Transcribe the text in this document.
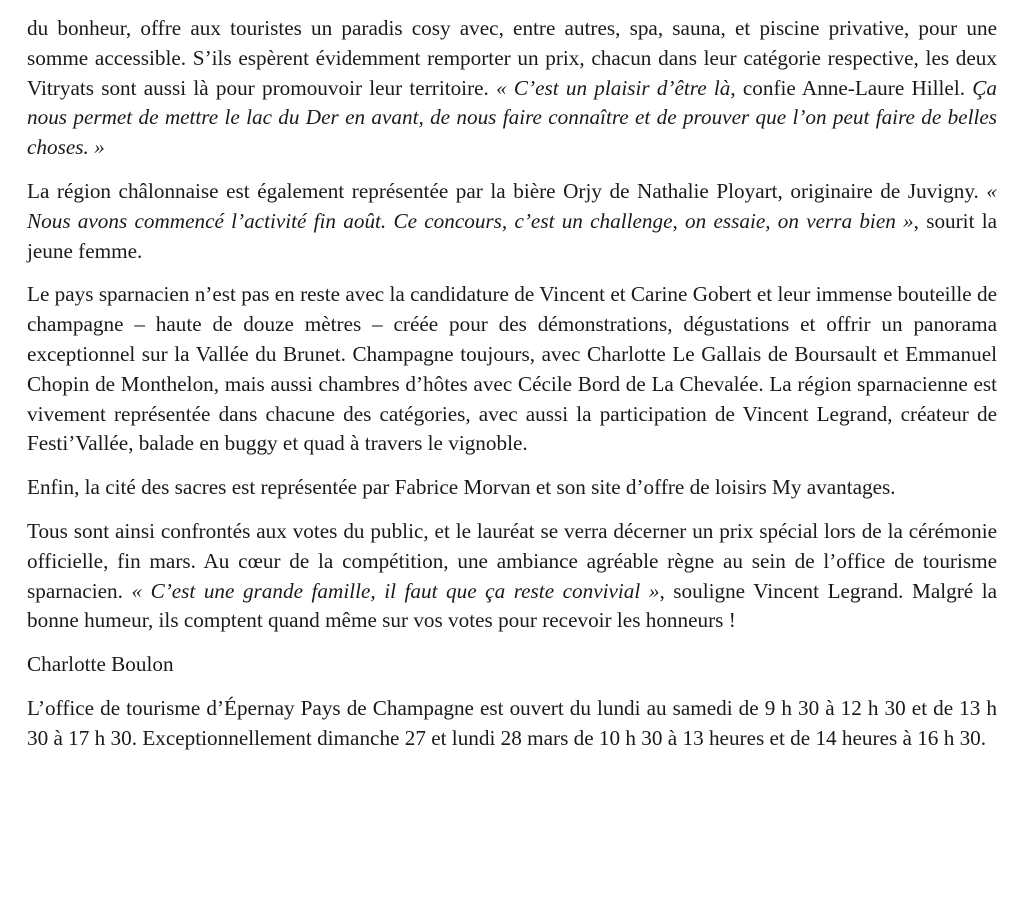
du bonheur, offre aux touristes un paradis cosy avec, entre autres, spa, sauna, et piscine privative, pour une somme accessible. S’ils espèrent évidemment remporter un prix, chacun dans leur catégorie respective, les deux Vitryats sont aussi là pour promouvoir leur territoire. « C’est un plaisir d’être là, confie Anne-Laure Hillel. Ça nous permet de mettre le lac du Der en avant, de nous faire connaître et de prouver que l’on peut faire de belles choses. »

La région châlonnaise est également représentée par la bière Orjy de Nathalie Ployart, originaire de Juvigny. « Nous avons commencé l’activité fin août. Ce concours, c’est un challenge, on essaie, on verra bien », sourit la jeune femme.

Le pays sparnacien n’est pas en reste avec la candidature de Vincent et Carine Gobert et leur immense bouteille de champagne – haute de douze mètres – créée pour des démonstrations, dégustations et offrir un panorama exceptionnel sur la Vallée du Brunet. Champagne toujours, avec Charlotte Le Gallais de Boursault et Emmanuel Chopin de Monthelon, mais aussi chambres d’hôtes avec Cécile Bord de La Chevalée. La région sparnacienne est vivement représentée dans chacune des catégories, avec aussi la participation de Vincent Legrand, créateur de Festi’Vallée, balade en buggy et quad à travers le vignoble.

Enfin, la cité des sacres est représentée par Fabrice Morvan et son site d’offre de loisirs My avantages.

Tous sont ainsi confrontés aux votes du public, et le lauréat se verra décerner un prix spécial lors de la cérémonie officielle, fin mars. Au cœur de la compétition, une ambiance agréable règne au sein de l’office de tourisme sparnacien. « C’est une grande famille, il faut que ça reste convivial », souligne Vincent Legrand. Malgré la bonne humeur, ils comptent quand même sur vos votes pour recevoir les honneurs !

Charlotte Boulon

L’office de tourisme d’Épernay Pays de Champagne est ouvert du lundi au samedi de 9 h 30 à 12 h 30 et de 13 h 30 à 17 h 30. Exceptionnellement dimanche 27 et lundi 28 mars de 10 h 30 à 13 heures et de 14 heures à 16 h 30.
